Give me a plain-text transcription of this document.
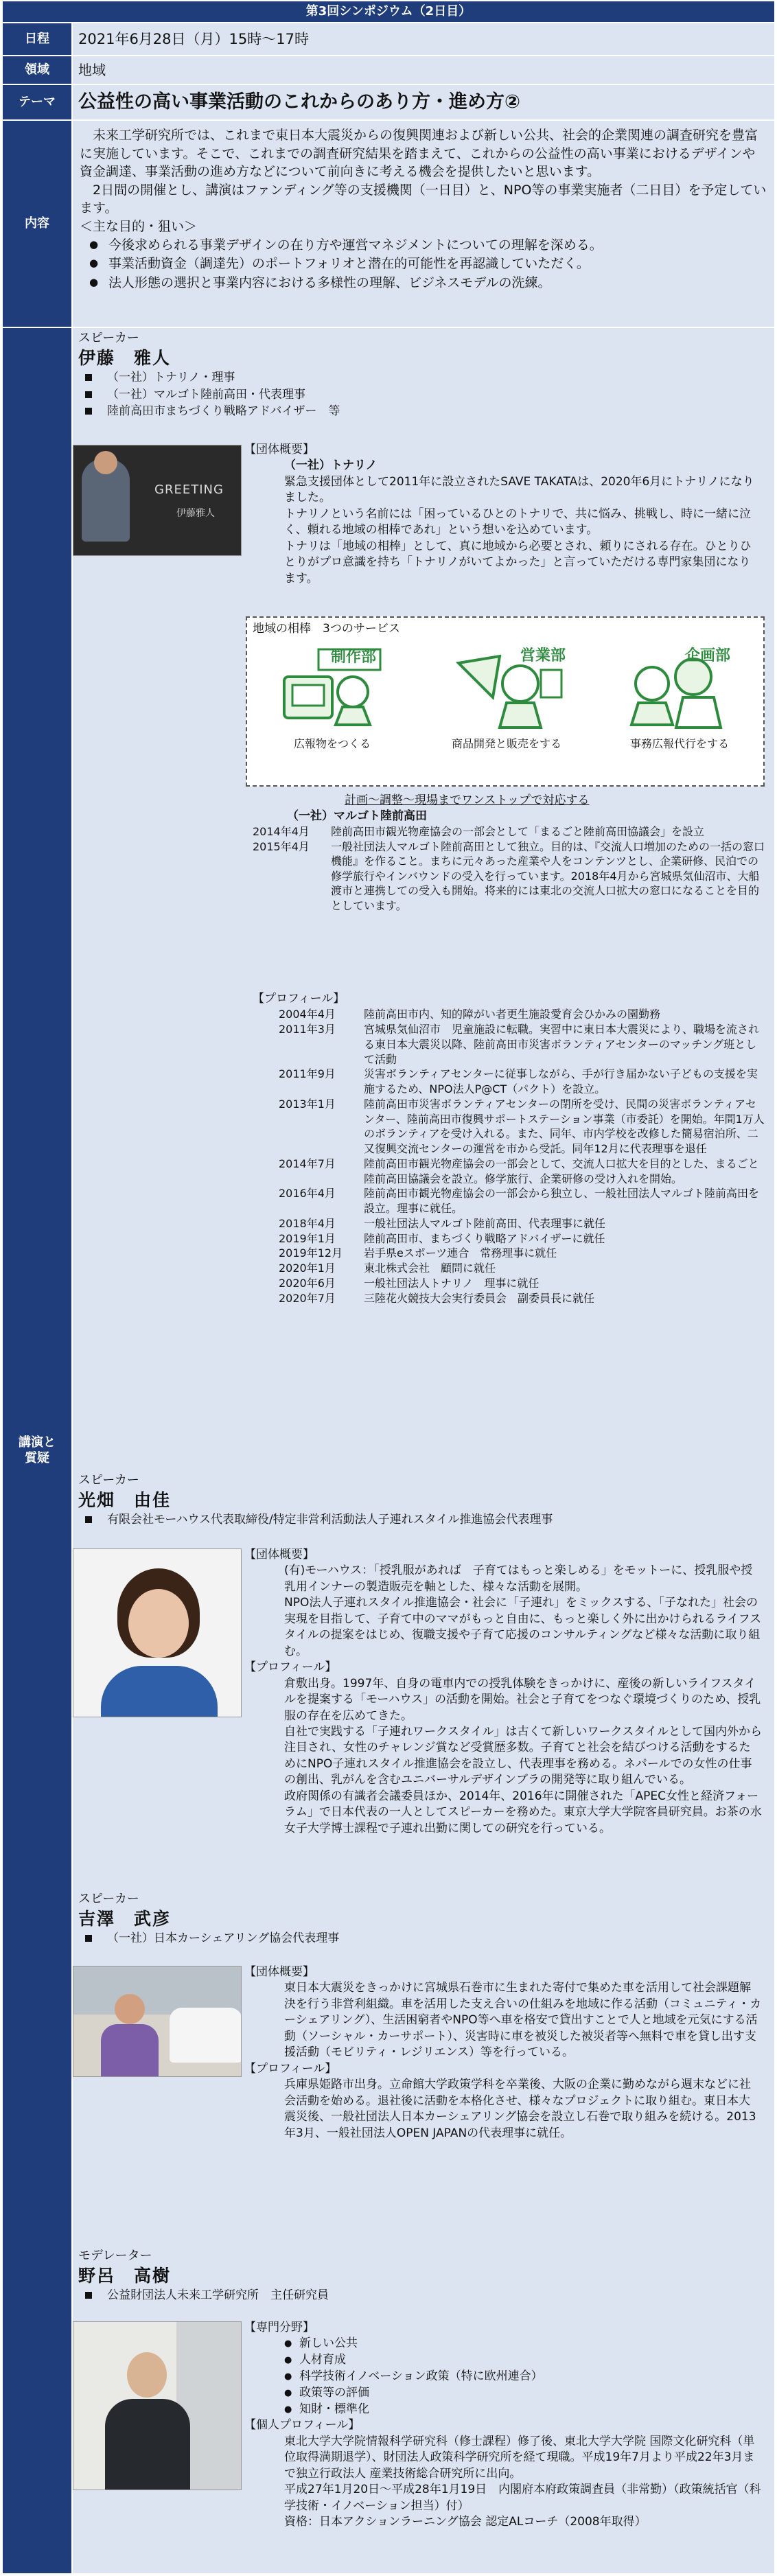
第3回シンポジウム（2日目）
日程	2021年6月28日（月）15時～17時
領域	地域
テーマ	公益性の高い事業活動のこれからのあり方・進め方②
内容

　未来工学研究所では、これまで東日本大震災からの復興関連および新しい公共、社会的企業関連の調査研究を豊富に実施しています。そこで、これまでの調査研究結果を踏まえて、これからの公益性の高い事業におけるデザインや資金調達、事業活動の進め方などについて前向きに考える機会を提供したいと思います。

　2日間の開催とし、講演はファンディング等の支援機関（一日目）と、NPO等の事業実施者（二日目）を予定しています。

＜主な目的・狙い＞

● 今後求められる事業デザインの在り方や運営マネジメントについての理解を深める。
● 事業活動資金（調達先）のポートフォリオと潜在的可能性を再認識していただく。
● 法人形態の選択と事業内容における多様性の理解、ビジネスモデルの洗練。
講演と
質疑
スピーカー
伊藤　雅人
（一社）トナリノ・理事
（一社）マルゴト陸前高田・代表理事
陸前高田市まちづくり戦略アドバイザー　等
GREETING
伊藤雅人
【団体概要】
（一社）トナリノ
緊急支援団体として2011年に設立されたSAVE TAKATAは、2020年6月にトナリノになりました。
トナリノという名前には「困っているひとのトナリで、共に悩み、挑戦し、時に一緒に泣く、頼れる地域の相棒であれ」という想いを込めています。
トナリは「地域の相棒」として、真に地域から必要とされ、頼りにされる存在。ひとりひとりがプロ意識を持ち「トナリノがいてよかった」と言っていただける専門家集団になります。
地域の相棒　3つのサービス
制作部
広報物をつくる
営業部
商品開発と販売をする
企画部
事務広報代行をする
計画～調整～現場までワンストップで対応する
（一社）マルゴト陸前高田
2014年4月	陸前高田市観光物産協会の一部会として「まるごと陸前高田協議会」を設立
2015年4月	一般社団法人マルゴト陸前高田として独立。目的は、『交流人口増加のための一括の窓口機能』を作ること。まちに元々あった産業や人をコンテンツとし、企業研修、民泊での修学旅行やインバウンドの受入を行っています。2018年4月から宮城県気仙沼市、大船渡市と連携しての受入も開始。将来的には東北の交流人口拡大の窓口になることを目的としています。
【プロフィール】
2004年4月	陸前高田市内、知的障がい者更生施設愛育会ひかみの園勤務
2011年3月	宮城県気仙沼市　児童施設に転職。実習中に東日本大震災により、職場を流される東日本大震災以降、陸前高田市災害ボランティアセンターのマッチング班として活動
2011年9月	災害ボランティアセンターに従事しながら、手が行き届かない子どもの支援を実施するため、NPO法人P@CT（パクト）を設立。
2013年1月	陸前高田市災害ボランティアセンターの閉所を受け、民間の災害ボランティアセンター、陸前高田市復興サポートステーション事業（市委託）を開始。年間1万人のボランティアを受け入れる。また、同年、市内学校を改修した簡易宿泊所、二又復興交流センターの運営を市から受託。同年12月に代表理事を退任
2014年7月	陸前高田市観光物産協会の一部会として、交流人口拡大を目的とした、まるごと陸前高田協議会を設立。修学旅行、企業研修の受け入れを開始。
2016年4月	陸前高田市観光物産協会の一部会から独立し、一般社団法人マルゴト陸前高田を設立。理事に就任。
2018年4月	一般社団法人マルゴト陸前高田、代表理事に就任
2019年1月	陸前高田市、まちづくり戦略アドバイザーに就任
2019年12月	岩手県eスポーツ連合　常務理事に就任
2020年1月	東北株式会社　顧問に就任
2020年6月	一般社団法人トナリノ　理事に就任
2020年7月	三陸花火競技大会実行委員会　副委員長に就任
スピーカー
光畑　由佳
有限会社モーハウス代表取締役/特定非営利活動法人子連れスタイル推進協会代表理事
【団体概要】
(有)モーハウス：「授乳服があれば　子育てはもっと楽しめる」をモットーに、授乳服や授乳用インナーの製造販売を軸とした、様々な活動を展開。
NPO法人子連れスタイル推進協会・社会に「子連れ」をミックスする、「子なれた」社会の実現を目指して、子育て中のママがもっと自由に、もっと楽しく外に出かけられるライフスタイルの提案をはじめ、復職支援や子育て応援のコンサルティングなど様々な活動に取り組む。
【プロフィール】
倉敷出身。1997年、自身の電車内での授乳体験をきっかけに、産後の新しいライフスタイルを提案する「モーハウス」の活動を開始。社会と子育てをつなぐ環境づくりのため、授乳服の存在を広めてきた。
自社で実践する「子連れワークスタイル」は古くて新しいワークスタイルとして国内外から注目され、女性のチャレンジ賞など受賞歴多数。子育てと社会を結びつける活動をするためにNPO子連れスタイル推進協会を設立し、代表理事を務める。ネパールでの女性の仕事の創出、乳がんを含むユニバーサルデザインブラの開発等に取り組んでいる。
政府関係の有識者会議委員ほか、2014年、2016年に開催された「APEC女性と経済フォーラム」で日本代表の一人としてスピーカーを務めた。東京大学大学院客員研究員。お茶の水女子大学博士課程で子連れ出勤に関しての研究を行っている。
スピーカー
吉澤　武彦
（一社）日本カーシェアリング協会代表理事
【団体概要】
東日本大震災をきっかけに宮城県石巻市に生まれた寄付で集めた車を活用して社会課題解決を行う非営利組織。車を活用した支え合いの仕組みを地域に作る活動（コミュニティ・カーシェアリング）、生活困窮者やNPO等へ車を格安で貸出すことで人と地域を元気にする活動（ソーシャル・カーサポート）、災害時に車を被災した被災者等へ無料で車を貸し出す支援活動（モビリティ・レジリエンス）等を行っている。
【プロフィール】
兵庫県姫路市出身。立命館大学政策学科を卒業後、大阪の企業に勤めながら週末などに社会活動を始める。退社後に活動を本格化させ、様々なプロジェクトに取り組む。東日本大震災後、一般社団法人日本カーシェアリング協会を設立し石巻で取り組みを続ける。2013年3月、一般社団法人OPEN JAPANの代表理事に就任。
モデレーター
野呂　高樹
公益財団法人未来工学研究所　主任研究員
【専門分野】
● 新しい公共
● 人材育成
● 科学技術イノベーション政策（特に欧州連合）
● 政策等の評価
● 知財・標準化
【個人プロフィール】
東北大学大学院情報科学研究科（修士課程）修了後、東北大学大学院 国際文化研究科（単位取得満期退学）、財団法人政策科学研究所を経て現職。平成19年7月より平成22年3月まで独立行政法人 産業技術総合研究所に出向。
平成27年1月20日～平成28年1月19日　内閣府本府政策調査員（非常勤）（政策統括官（科学技術・イノベーション担当）付）
資格：日本アクションラーニング協会 認定ALコーチ（2008年取得）
